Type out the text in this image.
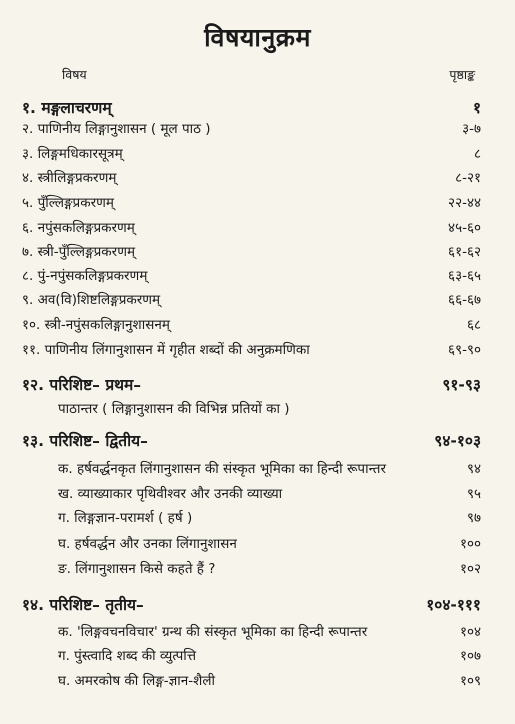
विषयानुक्रम
विषय	पृष्ठाङ्क
१. मङ्गलाचरणम्	१
२. पाणिनीय लिङ्गानुशासन ( मूल पाठ )	३-७
३. लिङ्गमधिकारसूत्रम्	८
४. स्त्रीलिङ्गप्रकरणम्	८-२१
५. पुँल्लिङ्गप्रकरणम्	२२-४४
६. नपुंसकलिङ्गप्रकरणम्	४५-६०
७. स्त्री-पुँल्लिङ्गप्रकरणम्	६१-६२
८. पुं-नपुंसकलिङ्गप्रकरणम्	६३-६५
९. अव(वि)शिष्टलिङ्गप्रकरणम्	६६-६७
१०. स्त्री-नपुंसकलिङ्गानुशासनम्	६८
११. पाणिनीय लिंगानुशासन में गृहीत शब्दों की अनुक्रमणिका	६९-९०
१२. परिशिष्ट– प्रथम–	९१-९३
पाठान्तर ( लिङ्गानुशासन की विभिन्न प्रतियों का )
१३. परिशिष्ट– द्वितीय–	९४-१०३
क. हर्षवर्द्धनकृत लिंगानुशासन की संस्कृत भूमिका का हिन्दी रूपान्तर	९४
ख. व्याख्याकार पृथिवीश्वर और उनकी व्याख्या	९५
ग. लिङ्गज्ञान-परामर्श ( हर्ष )	९७
घ. हर्षवर्द्धन और उनका लिंगानुशासन	१००
ङ. लिंगानुशासन किसे कहते हैं ?	१०२
१४. परिशिष्ट– तृतीय–	१०४-१११
क. 'लिङ्गवचनविचार' ग्रन्थ की संस्कृत भूमिका का हिन्दी रूपान्तर	१०४
ग. पुंस्त्वादि शब्द की व्युत्पत्ति	१०७
घ. अमरकोष की लिङ्ग-ज्ञान-शैली	१०९
